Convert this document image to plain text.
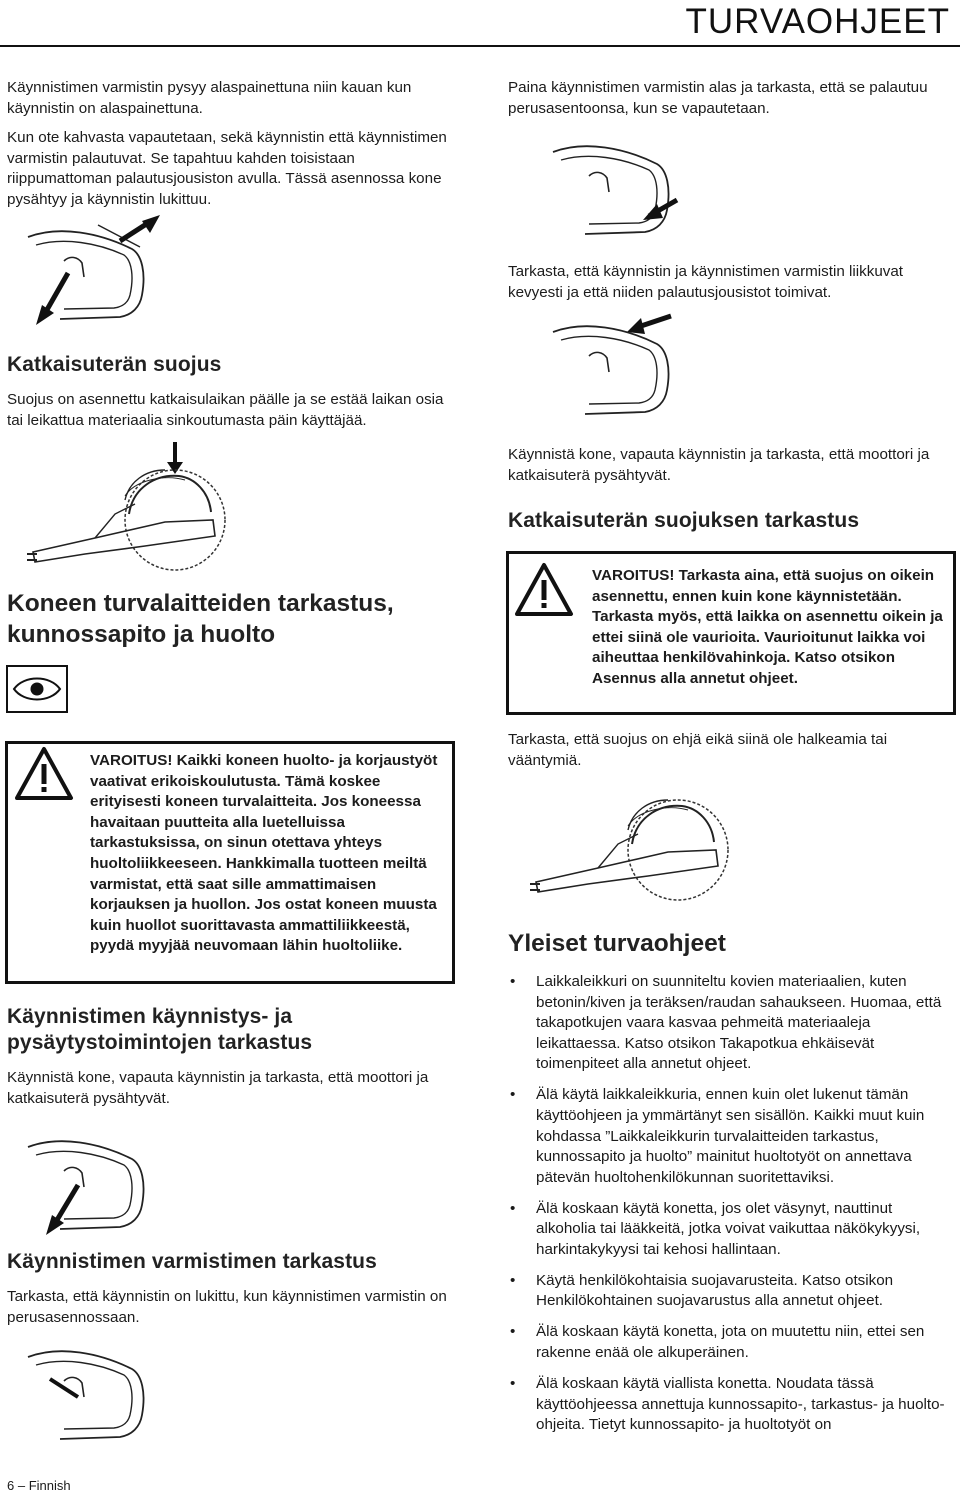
TURVAOHJEET
Käynnistimen varmistin pysyy alaspainettuna niin kauan kun käynnistin on alaspainettuna.
Kun ote kahvasta vapautetaan, sekä käynnistin että käynnistimen varmistin palautuvat. Se tapahtuu kahden toisistaan riippumattoman palautusjousiston avulla. Tässä asennossa kone pysähtyy ja käynnistin lukittuu.
Katkaisuterän suojus
Suojus on asennettu katkaisulaikan päälle ja se estää laikan osia tai leikattua materiaalia sinkoutumasta päin käyttäjää.
Koneen turvalaitteiden tarkastus, kunnossapito ja huolto
VAROITUS! Kaikki koneen huolto- ja korjaustyöt vaativat erikoiskoulutusta. Tämä koskee erityisesti koneen turvalaitteita. Jos koneessa havaitaan puutteita alla luetelluissa tarkastuksissa, on sinun otettava yhteys huoltoliikkeeseen. Hankkimalla tuotteen meiltä varmistat, että saat sille ammattimaisen korjauksen ja huollon. Jos ostat koneen muusta kuin huollot suorittavasta ammattiliikkeestä, pyydä myyjää neuvomaan lähin huoltoliike.
Käynnistimen käynnistys- ja pysäytystoimintojen tarkastus
Käynnistä kone, vapauta käynnistin ja tarkasta, että moottori ja katkaisuterä pysähtyvät.
Käynnistimen varmistimen tarkastus
Tarkasta, että käynnistin on lukittu, kun käynnistimen varmistin on perusasennossaan.
6 – Finnish
Paina käynnistimen varmistin alas ja tarkasta, että se palautuu perusasentoonsa, kun se vapautetaan.
Tarkasta, että käynnistin ja käynnistimen varmistin liikkuvat kevyesti ja että niiden palautusjousistot toimivat.
Käynnistä kone, vapauta käynnistin ja tarkasta, että moottori ja katkaisuterä pysähtyvät.
Katkaisuterän suojuksen tarkastus
VAROITUS! Tarkasta aina, että suojus on oikein asennettu, ennen kuin kone käynnistetään. Tarkasta myös, että laikka on asennettu oikein ja ettei siinä ole vaurioita. Vaurioitunut laikka voi aiheuttaa henkilövahinkoja. Katso otsikon Asennus alla annetut ohjeet.
Tarkasta, että suojus on ehjä eikä siinä ole halkeamia tai vääntymiä.
Yleiset turvaohjeet
• Laikkaleikkuri on suunniteltu kovien materiaalien, kuten betonin/kiven ja teräksen/raudan sahaukseen. Huomaa, että takapotkujen vaara kasvaa pehmeitä materiaaleja leikattaessa. Katso otsikon Takapotkua ehkäisevät toimenpiteet alla annetut ohjeet.
• Älä käytä laikkaleikkuria, ennen kuin olet lukenut tämän käyttöohjeen ja ymmärtänyt sen sisällön. Kaikki muut kuin kohdassa ”Laikkaleikkurin turvalaitteiden tarkastus, kunnossapito ja huolto” mainitut huoltotyöt on annettava pätevän huoltohenkilökunnan suoritettaviksi.
• Älä koskaan käytä konetta, jos olet väsynyt, nauttinut alkoholia tai lääkkeitä, jotka voivat vaikuttaa näkökykyysi, harkintakykyysi tai kehosi hallintaan.
• Käytä henkilökohtaisia suojavarusteita. Katso otsikon Henkilökohtainen suojavarustus alla annetut ohjeet.
• Älä koskaan käytä konetta, jota on muutettu niin, ettei sen rakenne enää ole alkuperäinen.
• Älä koskaan käytä viallista konetta. Noudata tässä käyttöohjeessa annettuja kunnossapito-, tarkastus- ja huolto-ohjeita. Tietyt kunnossapito- ja huoltotyöt on
